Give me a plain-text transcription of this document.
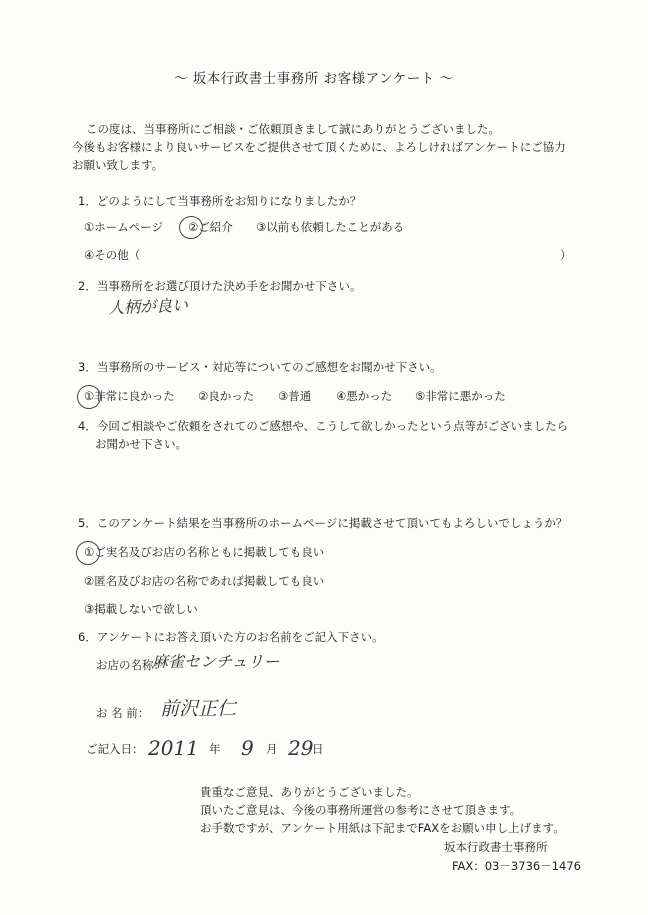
〜 坂本行政書士事務所 お客様アンケート 〜
この度は、当事務所にご相談・ご依頼頂きまして誠にありがとうございました。
今後もお客様により良いサービスをご提供させて頂くために、よろしければアンケートにご協力
お願い致します。
1．どのようにして当事務所をお知りになりましたか？
①ホームページ ②ご紹介 ③以前も依頼したことがある
④その他（	）
2．当事務所をお選び頂けた決め手をお聞かせ下さい。
人柄が良い
3．当事務所のサービス・対応等についてのご感想をお聞かせ下さい。
①非常に良かった ②良かった ③普通 ④悪かった ⑤非常に悪かった
4．今回ご相談やご依頼をされてのご感想や、こうして欲しかったという点等がございましたら
お聞かせ下さい。
5．このアンケート結果を当事務所のホームページに掲載させて頂いてもよろしいでしょうか？
①ご実名及びお店の名称ともに掲載しても良い
②匿名及びお店の名称であれば掲載しても良い
③掲載しないで欲しい
6．アンケートにお答え頂いた方のお名前をご記入下さい。
お店の名称：
麻雀センチュリー
お 名 前： 前沢正仁
ご記入日： 2011 年 9 月 29
日
貴重なご意見、ありがとうございました。
頂いたご意見は、今後の事務所運営の参考にさせて頂きます。
お手数ですが、アンケート用紙は下記までFAXをお願い申し上げます。
坂本行政書士事務所
FAX：03－3736－1476
